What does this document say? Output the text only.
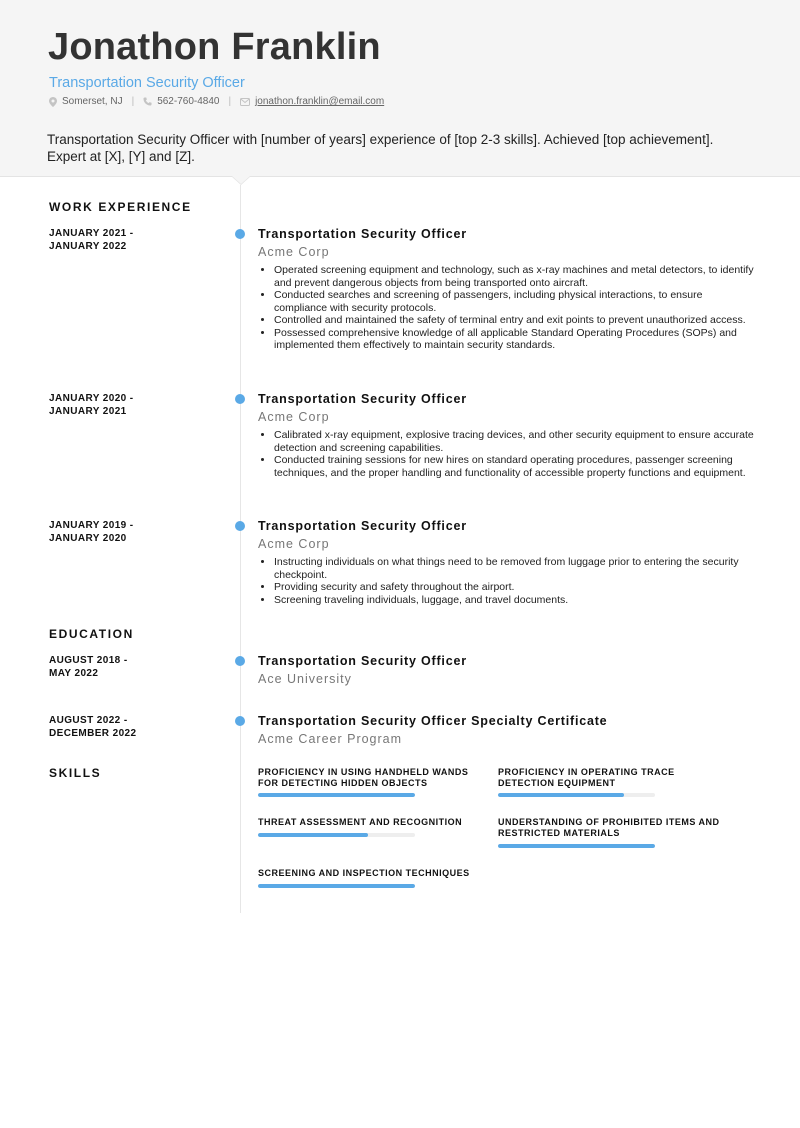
Jonathon Franklin
Transportation Security Officer
Somerset, NJ | 562-760-4840 | jonathon.franklin@email.com
Transportation Security Officer with [number of years] experience of [top 2-3 skills]. Achieved [top achievement]. Expert at [X], [Y] and [Z].
WORK EXPERIENCE
JANUARY 2021 -
JANUARY 2022
Transportation Security Officer
Acme Corp
• Operated screening equipment and technology, such as x-ray machines and metal detectors, to identify and prevent dangerous objects from being transported onto aircraft.
• Conducted searches and screening of passengers, including physical interactions, to ensure compliance with security protocols.
• Controlled and maintained the safety of terminal entry and exit points to prevent unauthorized access.
• Possessed comprehensive knowledge of all applicable Standard Operating Procedures (SOPs) and implemented them effectively to maintain security standards.
JANUARY 2020 -
JANUARY 2021
Transportation Security Officer
Acme Corp
• Calibrated x-ray equipment, explosive tracing devices, and other security equipment to ensure accurate detection and screening capabilities.
• Conducted training sessions for new hires on standard operating procedures, passenger screening techniques, and the proper handling and functionality of accessible property functions and equipment.
JANUARY 2019 -
JANUARY 2020
Transportation Security Officer
Acme Corp
• Instructing individuals on what things need to be removed from luggage prior to entering the security checkpoint.
• Providing security and safety throughout the airport.
• Screening traveling individuals, luggage, and travel documents.
EDUCATION
AUGUST 2018 -
MAY 2022
Transportation Security Officer
Ace University
AUGUST 2022 -
DECEMBER 2022
Transportation Security Officer Specialty Certificate
Acme Career Program
SKILLS	PROFICIENCY IN USING HANDHELD WANDS FOR DETECTING HIDDEN OBJECTS
PROFICIENCY IN OPERATING TRACE DETECTION EQUIPMENT
THREAT ASSESSMENT AND RECOGNITION	UNDERSTANDING OF PROHIBITED ITEMS AND RESTRICTED MATERIALS
SCREENING AND INSPECTION TECHNIQUES
